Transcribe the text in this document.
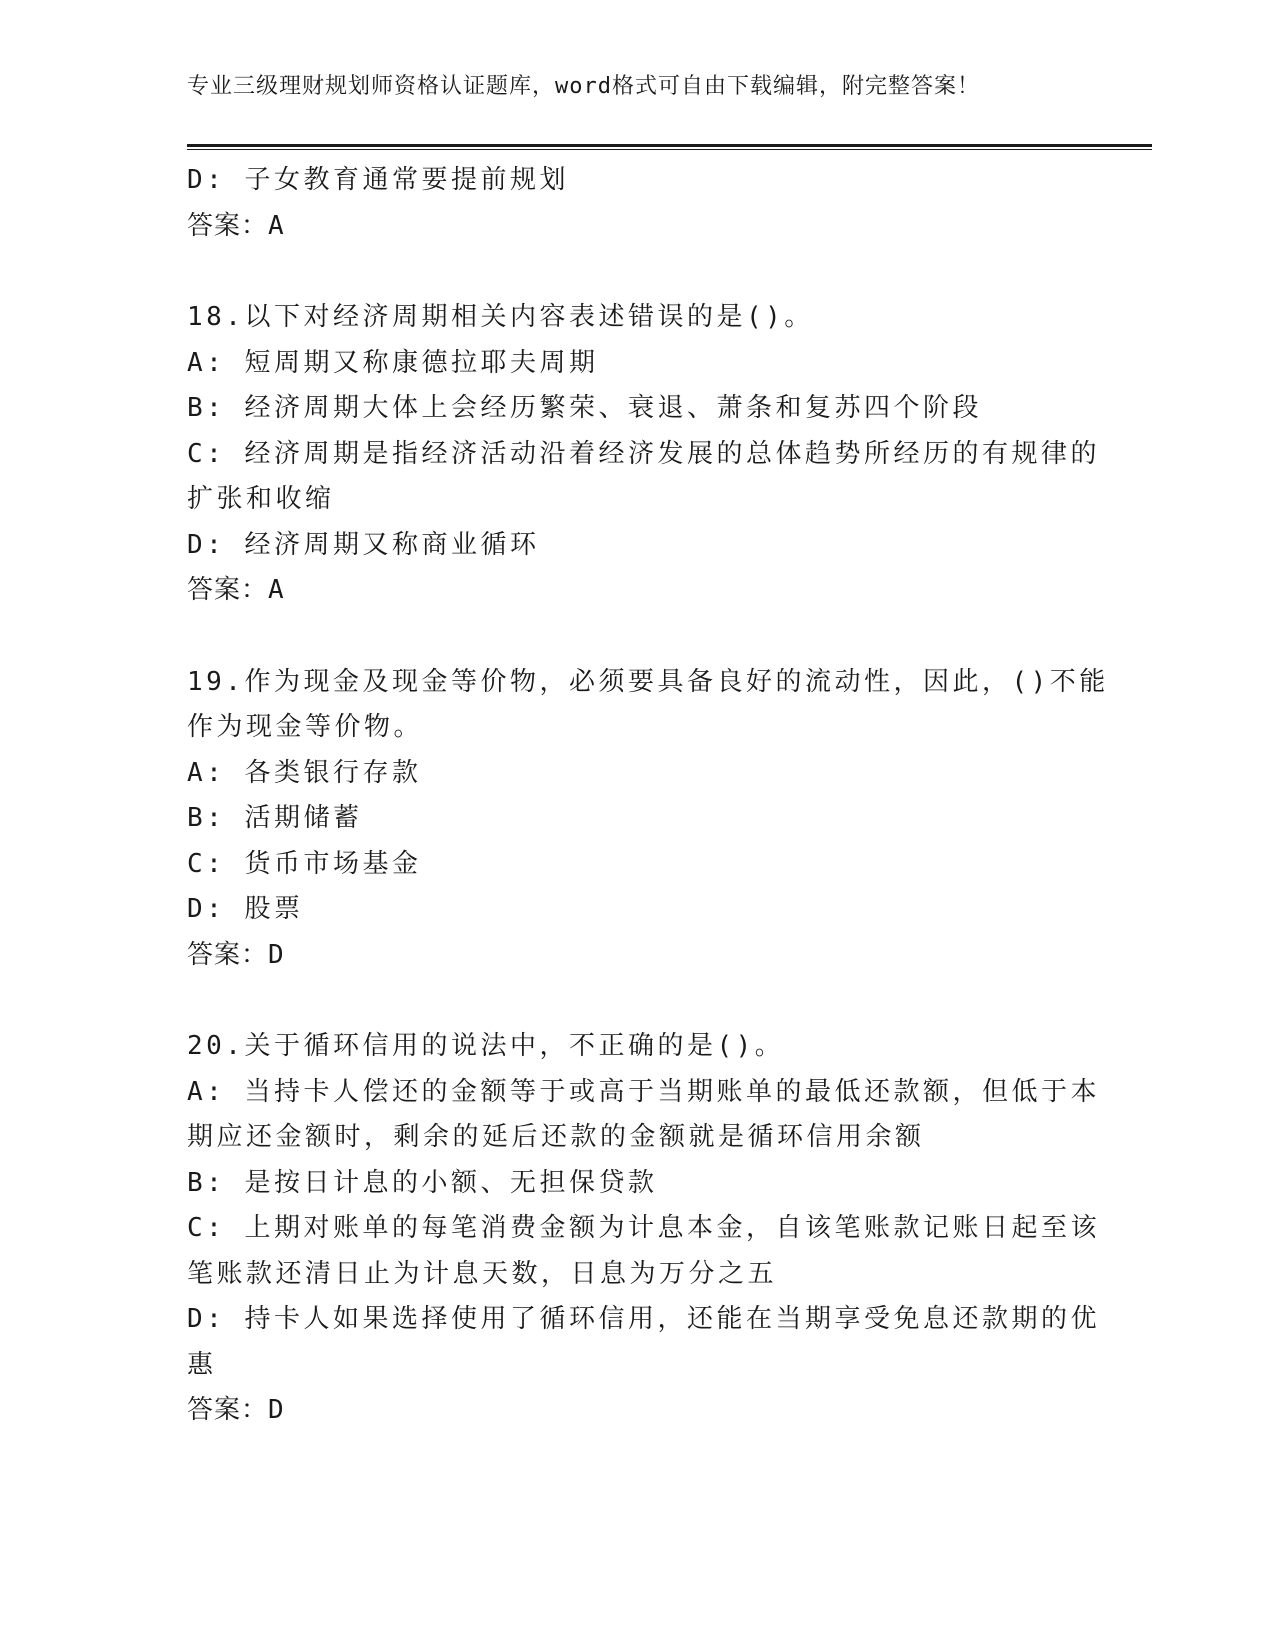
专业三级理财规划师资格认证题库，word格式可自由下载编辑，附完整答案！
D: 子女教育通常要提前规划
答案：A
18.以下对经济周期相关内容表述错误的是()。
A: 短周期又称康德拉耶夫周期
B: 经济周期大体上会经历繁荣、衰退、萧条和复苏四个阶段
C: 经济周期是指经济活动沿着经济发展的总体趋势所经历的有规律的
扩张和收缩
D: 经济周期又称商业循环
答案：A
19.作为现金及现金等价物，必须要具备良好的流动性，因此，()不能
作为现金等价物。
A: 各类银行存款
B: 活期储蓄
C: 货币市场基金
D: 股票
答案：D
20.关于循环信用的说法中，不正确的是()。
A: 当持卡人偿还的金额等于或高于当期账单的最低还款额，但低于本
期应还金额时，剩余的延后还款的金额就是循环信用余额
B: 是按日计息的小额、无担保贷款
C: 上期对账单的每笔消费金额为计息本金，自该笔账款记账日起至该
笔账款还清日止为计息天数，日息为万分之五
D: 持卡人如果选择使用了循环信用，还能在当期享受免息还款期的优
惠
答案：D
